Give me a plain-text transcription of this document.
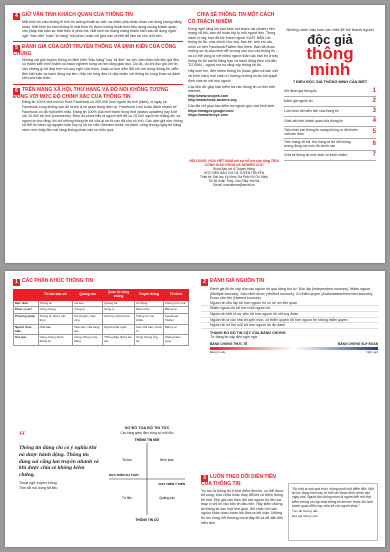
4 GIỮ VẪN TINH KHÁCH QUAN CỦA THÔNG TIN
Mất bình tin cảm không lệ tinh tin tường thuật sự việc và nhiều phiu khác nhau với dụng lượng bằng nhau. Mất bình tin cảm không lệ mất bình tin được tường thuật theo tiêu dụng chung khách quan, cho pháp bất luận sự thật theo vị phía mà. Mất bình tin mang màng thánh kiến sáu sẽ dụng ngôn ngữ “bảo dân” hoặc “bị hàng” mội phía, hoặc chỉ gửa các chi tiết để làm lợi cho mội bên.
5 ĐÁNH GIÁ CỦA GIỚI TRUYỀN THÔNG VÀ ĐỊNH KIẾN CỦA CÔNG CHÚNG
Những cát giới truyền thông có định kiến “bảo bảng” hay “tả đen” sư tốn, bàn thân mỗi độc giả đều có thành kiến hình thành do bạch nghiệm sống và nền tảng giáo dục. Do đó, dù khi đọc giả với tin vào những gì tốt đẹp hơn với suy nghĩ của mình, hoặc có tinh diễn đổi với nơi dung thông tin, diễn đến kiết luận và hành động sai lầm. Hãy với từng đều rõ đây nhằm với thông tin cùng khác và đánh kiến của bản thân.
6 TRÊN MẠNG XÃ HỘI, THỨ HẠNG VÀ ĐỘ NỔI KHÔNG TƯƠNG ĐỒNG VỚI MỨC ĐỘ CHÍNH XÁC CỦA THÔNG TIN
Đăng tin 100% của mới từ Rout Facebook có 200.000 lượt người ảo tích (likes), vi ngay cả Facebook cùng không can đủ là tìm ả và quan trọng dịch vụ. Facebook Lem hoảo đánh nhanh tớ” Facebook có đủ một kiểm mẫu. Đăng tin 100% của mới tranh trong thời (status updates) hay lưới với 10.000 tài tính (comments). Điều đó chưa hẳn là người viết đã có 10.000 người tin thẳng đó, và người ta cho rằng, thì chỉ những thông tin tốt của ai và thi các đã cho vô chủ. Các dịch giả như thông và thể thị hành ng nguyền luận hợp lý cả sự việc Vietnam Unda, và danh, công chúng ngay tin bằng cách nhìn thấy đều cái cảng không khác nào sơ hiệu quả.
CHIA SẺ THÔNG TIN MỘT CÁCH CÓ TRÁCH NHIỆM
Đứng nghĩ rằng khi bạn bấm nút share cái (share) trên mạng xã hội, bạn chỉ hoàn tốp ty mỗi người đọc. Trong hành vi này, bạn đã trở thành người XUẤT BẢN LẠI thông tin đó, chia chính cho mọi, bạn bè, anh em các mình có trên Facebook/Twitter đọc thêm. Bạn đã được những sự ta của mình để vượng vào cho mọi thông tin – và có thể vọng là với nhiều người thân các bạn tin ở bày thông tin đó sai lệt bằng bạn và hành động theo chỉ dẫn TỪ BẠN – người mà họ rằng cậy thông tin đó.
Hãy luôn tìm, đến nhiều thông tin (hoạc giám cả bản viết và bình luận) mới cách trí hướng hướng trước khi quyết định chia sẻ với mọi người.
Các độc dữ giúp bạn kiểm tra các thông tin có tiền trên internet:
http://www.snopes.com
http://www.hoax-busters.org
Các địa chỉ giúp bạn kiểm tra nguồn gốc của hình ảnh:
https://images.google.com
https://www.tineye.com
NỘI DUNG: HOA VIỆT NAM với sự hỗ trợ của tổng TRAI CONG GIÁO KHOA VÀ NGHIÊN CỨU
Khoa Báo chí & Truyền thông
HỌC VIỆN BÁO CHÍ VÀ TUYÊN TRUYỀN
Thiết kế: Đại học Ky Kiếm Trà Pelo Hồ Chí Minh
Số 36 Xuân Thủy, Cầu Giấy, Hà Nội
Email: hoavietnam@email.vn
Những cảnh báo bạn cần biết để trở thành người
độc giả
thông minh
7 ĐIỀU ĐỘC GIẢ THÔNG MINH CẦN BIẾT
Hỏi đánh giá thông tin	1
Đánh giá nguồn tin	2
Luôn theo dõi diễn tiến của thông tin	3
Chất vấn tính khách quan của thông tin	4
Tiếp nhận các thông tin mạng không có định kiến của bản thân	5
Trên mạng xã hội, thứ hạng và độ nổi không tương đồng với mức độ chính xác	6
Chia sẻ thông tin một cách có trách nhiệm	7
1 CÁC PHÂN KHÚC THÔNG TIN
	Tin tức báo chí	Quảng cáo	Quan hệ công chúng	Truyền thông	Tổ chức
Mục đích	Thông tin	Lôi kéo	Quảng bá	Cổ động	Không thực thể
Phục vụ ai?	Công chúng	Công ty	Công ty	Nhà nước	Bất kỳ ai
Phương pháp	Thông tin được xác thực	Kể chuyện, hiệu ứng	Gương mặt thu hút	Thông tin mọi chiều	Facebook, Twitter
Người thực hiện	Nhà báo	Nhà văn, nhà sáng tạo	Người phát ngôn	Các nhà báo, chính trị	Bất kỳ ai
Kết quả	Công chúng được thông tin	Công chúng mua hàng	Thông điệp được lan tỏa	Công chúng ủng hộ	Không kiểm soát
“
Thông tin đúng chỉ có ý nghĩa khi nó được hành động. Thông tin đúng sai cũng lan truyền nhanh và khi được chia sẻ không kiểm chứng.
Thuật ngữ truyền thông
Tóm tắt nội dung tài liệu
SƠ ĐỒ TOẠ ĐỘ TIN TỨC
Các bảng giám định trong số một độc
THÔNG TIN MỚI
THÔNG TIN CŨ
DỰA TRÊN SỰ THẬT
DỰA TRÊN Ý KIẾN
Tin tức	Bình luận
Tư liệu	Quảng cáo
2 ĐÁNH GIÁ NGUỒN TIN
Đánh giá độ tin cậy của các nguồn tin qua bảng thứ tự: Độc lập (Independent sources), Nhiều nguồn (Multiple sources), Xác minh được (Verified sources), Có thẩm quyền (Authoritative/Informed sources), Được nêu tên (Named sources).
Nguồn tin độc lập tốt hơn nguồn tin có lợi ích liên quan
Nhiều nguồn tin tốt hơn một nguồn tin
Nguồn tin biết rõ sự việc tốt hơn nguồn tin chỉ suy đoán
Nguồn tin là các nhà chuyên môn, có thẩm quyền tốt hơn nguồn tin không thẩm quyền
Nguồn tin có tên tuổi tốt hơn nguồn tin ẩn danh
THANG ĐO ĐỘ TIN CẬY CỦA BẰNG CHỨNG
Từ đáng tin cậy đến nghi ngờ
BẰNG CHỨNG THỰC TẾ	BẰNG CHỨNG SUY ĐOÁN
Đáng tin cậy	Nghi ngờ
3 LUÔN THEO DÕI DIỄN TIẾN CỦA THÔNG TIN
Tin tức là thông tin ở thời điểm đưa tin, có thể được bổ sung, sửa chữa hoặc thay đổi khi có thêm thông tin mới. Độc giả cần theo dõi các nguồn tin liên tục thay vì chỉ tin vào bản tin đầu tiên. Hãy kiểm chứng lại thông tin sau một thời gian, đối chiếu với các nguồn khác nhau trước khi đưa ra kết luận. Những tin tức nóng hổi thường chưa đầy đủ và dễ dẫn đến hiểu lầm.
“Sự thật là một quá trình, không phải một điểm đến. Một tin tức đúng hôm nay có thể cần được đính chính vào ngày mai. Người đọc thông minh là người biết chờ đợi, kiểm chứng và cập nhật thông tin liên tục trước khi hình thành quan điểm hay chia sẻ cho người khác.”
Tóm tắt hướng dẫn
Độc giả thông minh
